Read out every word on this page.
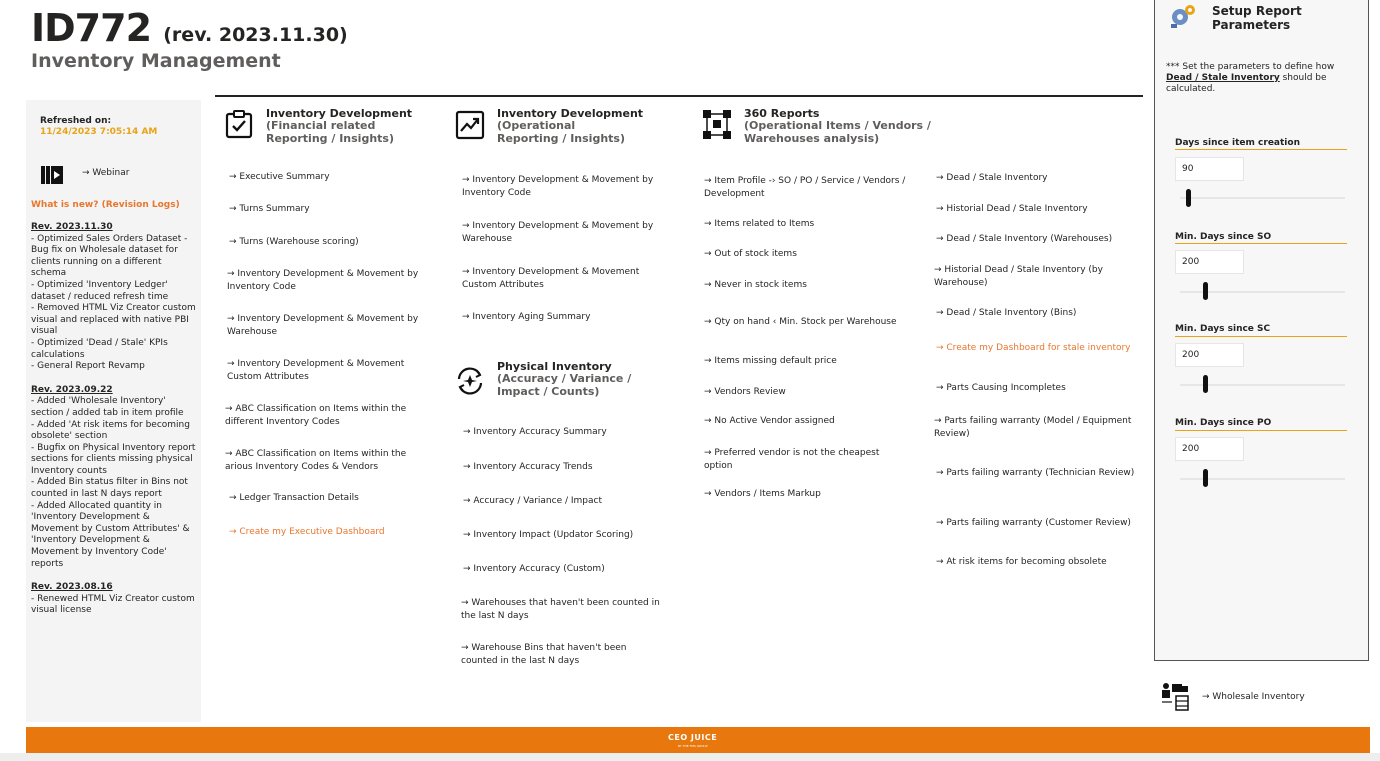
ID772 (rev. 2023.11.30)
Inventory Management
Refreshed on:
11/24/2023 7:05:14 AM
→ Webinar
What is new? (Revision Logs)
Rev. 2023.11.30
- Optimized Sales Orders Dataset - Bug fix on Wholesale dataset for clients running on a different schema
- Optimized 'Inventory Ledger' dataset / reduced refresh time
- Removed HTML Viz Creator custom visual and replaced with native PBI visual
- Optimized 'Dead / Stale' KPIs calculations
- General Report Revamp
Rev. 2023.09.22
- Added 'Wholesale Inventory' section / added tab in item profile
- Added 'At risk items for becoming obsolete' section
- Bugfix on Physical Inventory report sections for clients missing physical Inventory counts
- Added Bin status filter in Bins not counted in last N days report
- Added Allocated quantity in 'Inventory Development & Movement by Custom Attributes' & 'Inventory Development & Movement by Inventory Code' reports
Rev. 2023.08.16
- Renewed HTML Viz Creator custom visual license
Inventory Development
(Financial related Reporting / Insights)
→ Executive Summary
→ Turns Summary
→ Turns (Warehouse scoring)
→ Inventory Development & Movement by Inventory Code
→ Inventory Development & Movement by Warehouse
→ Inventory Development & Movement Custom Attributes
→ ABC Classification on Items within the different Inventory Codes
→ ABC Classification on Items within the arious Inventory Codes & Vendors
→ Ledger Transaction Details
→ Create my Executive Dashboard
Inventory Development
(Operational Reporting / Insights)
→ Inventory Development & Movement by Inventory Code
→ Inventory Development & Movement by Warehouse
→ Inventory Development & Movement Custom Attributes
→ Inventory Aging Summary
Physical Inventory
(Accuracy / Variance / Impact / Counts)
→ Inventory Accuracy Summary
→ Inventory Accuracy Trends
→ Accuracy / Variance / Impact
→ Inventory Impact (Updator Scoring)
→ Inventory Accuracy (Custom)
→ Warehouses that haven't been counted in the last N days
→ Warehouse Bins that haven't been counted in the last N days
360 Reports
(Operational Items / Vendors / Warehouses analysis)
→ Item Profile -› SO / PO / Service / Vendors / Development
→ Items related to Items
→ Out of stock items
→ Never in stock items
→ Qty on hand ‹ Min. Stock per Warehouse
→ Items missing default price
→ Vendors Review
→ No Active Vendor assigned
→ Preferred vendor is not the cheapest option
→ Vendors / Items Markup
→ Dead / Stale Inventory
→ Historial Dead / Stale Inventory
→ Dead / Stale Inventory (Warehouses)
→ Historial Dead / Stale Inventory (by Warehouse)
→ Dead / Stale Inventory (Bins)
→ Create my Dashboard for stale inventory
→ Parts Causing Incompletes
→ Parts failing warranty (Model / Equipment Review)
→ Parts failing warranty (Technician Review)
→ Parts failing warranty (Customer Review)
→ At risk items for becoming obsolete
Setup Report Parameters
*** Set the parameters to define how Dead / Stale Inventory should be calculated.
Days since item creation
90
Min. Days since SO
200
Min. Days since SC
200
Min. Days since PO
200
→ Wholesale Inventory
CEO JUICE
BY THE FMS GROUP
